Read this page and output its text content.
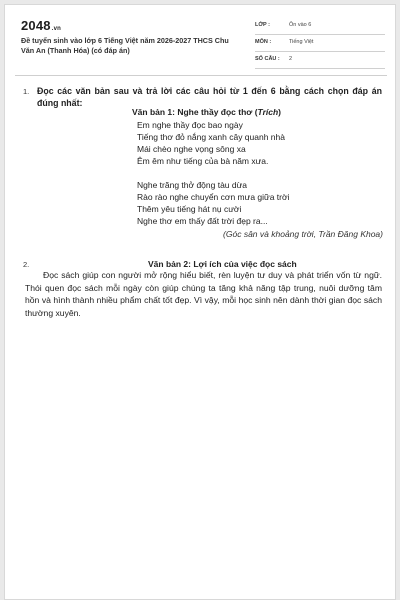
2048.vn
Đề tuyển sinh vào lớp 6 Tiếng Việt năm 2026-2027 THCS Chu Văn An (Thanh Hóa) (có đáp án)
LỚP :	Ôn vào 6
MÔN :	Tiếng Việt
SỐ CÂU : 2
1. Đọc các văn bản sau và trả lời các câu hỏi từ 1 đến 6 bằng cách chọn đáp án đúng nhất:
Văn bản 1: Nghe thầy đọc thơ (Trích)
Em nghe thầy đọc bao ngày
Tiếng thơ đỏ nắng xanh cây quanh nhà
Mái chèo nghe vọng sông xa
Êm êm như tiếng của bà năm xưa.
Nghe trăng thở động tàu dừa
Rào rào nghe chuyển cơn mưa giữa trời
Thêm yêu tiếng hát nụ cười
Nghe thơ em thấy đất trời đẹp ra...
(Góc sân và khoảng trời, Trần Đăng Khoa)
2.	Văn bản 2: Lợi ích của việc đọc sách
Đọc sách giúp con người mở rộng hiểu biết, rèn luyện tư duy và phát triển vốn từ ngữ. Thói quen đọc sách mỗi ngày còn giúp chúng ta tăng khả năng tập trung, nuôi dưỡng tâm hồn và hình thành nhiều phẩm chất tốt đẹp. Vì vậy, mỗi học sinh nên dành thời gian đọc sách thường xuyên.
